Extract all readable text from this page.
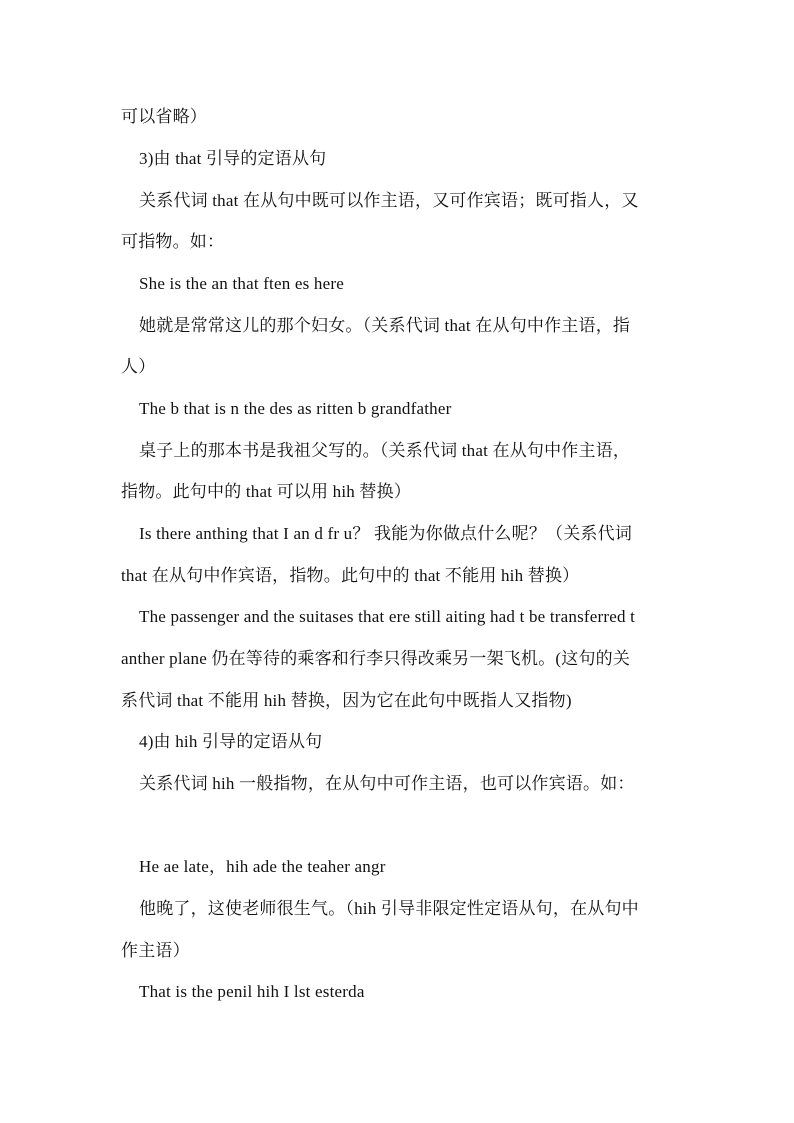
可以省略）
3)由 that 引导的定语从句
关系代词 that 在从句中既可以作主语，又可作宾语；既可指人，又
可指物。如：
She is the an that ften es here
她就是常常这儿的那个妇女。（关系代词 that 在从句中作主语，指
人）
The b that is n the des as ritten b grandfather
桌子上的那本书是我祖父写的。（关系代词 that 在从句中作主语，
指物。此句中的 that 可以用 hih 替换）
Is there anthing that I an d fr u？ 我能为你做点什么呢？（关系代词
that 在从句中作宾语，指物。此句中的 that 不能用 hih 替换）
The passenger and the suitases that ere still aiting had t be transferred t
anther plane 仍在等待的乘客和行李只得改乘另一架飞机。(这句的关
系代词 that 不能用 hih 替换，因为它在此句中既指人又指物)
4)由 hih 引导的定语从句
关系代词 hih 一般指物，在从句中可作主语，也可以作宾语。如：
He ae late，hih ade the teaher angr
他晚了，这使老师很生气。（hih 引导非限定性定语从句，在从句中
作主语）
That is the penil hih I lst esterda
